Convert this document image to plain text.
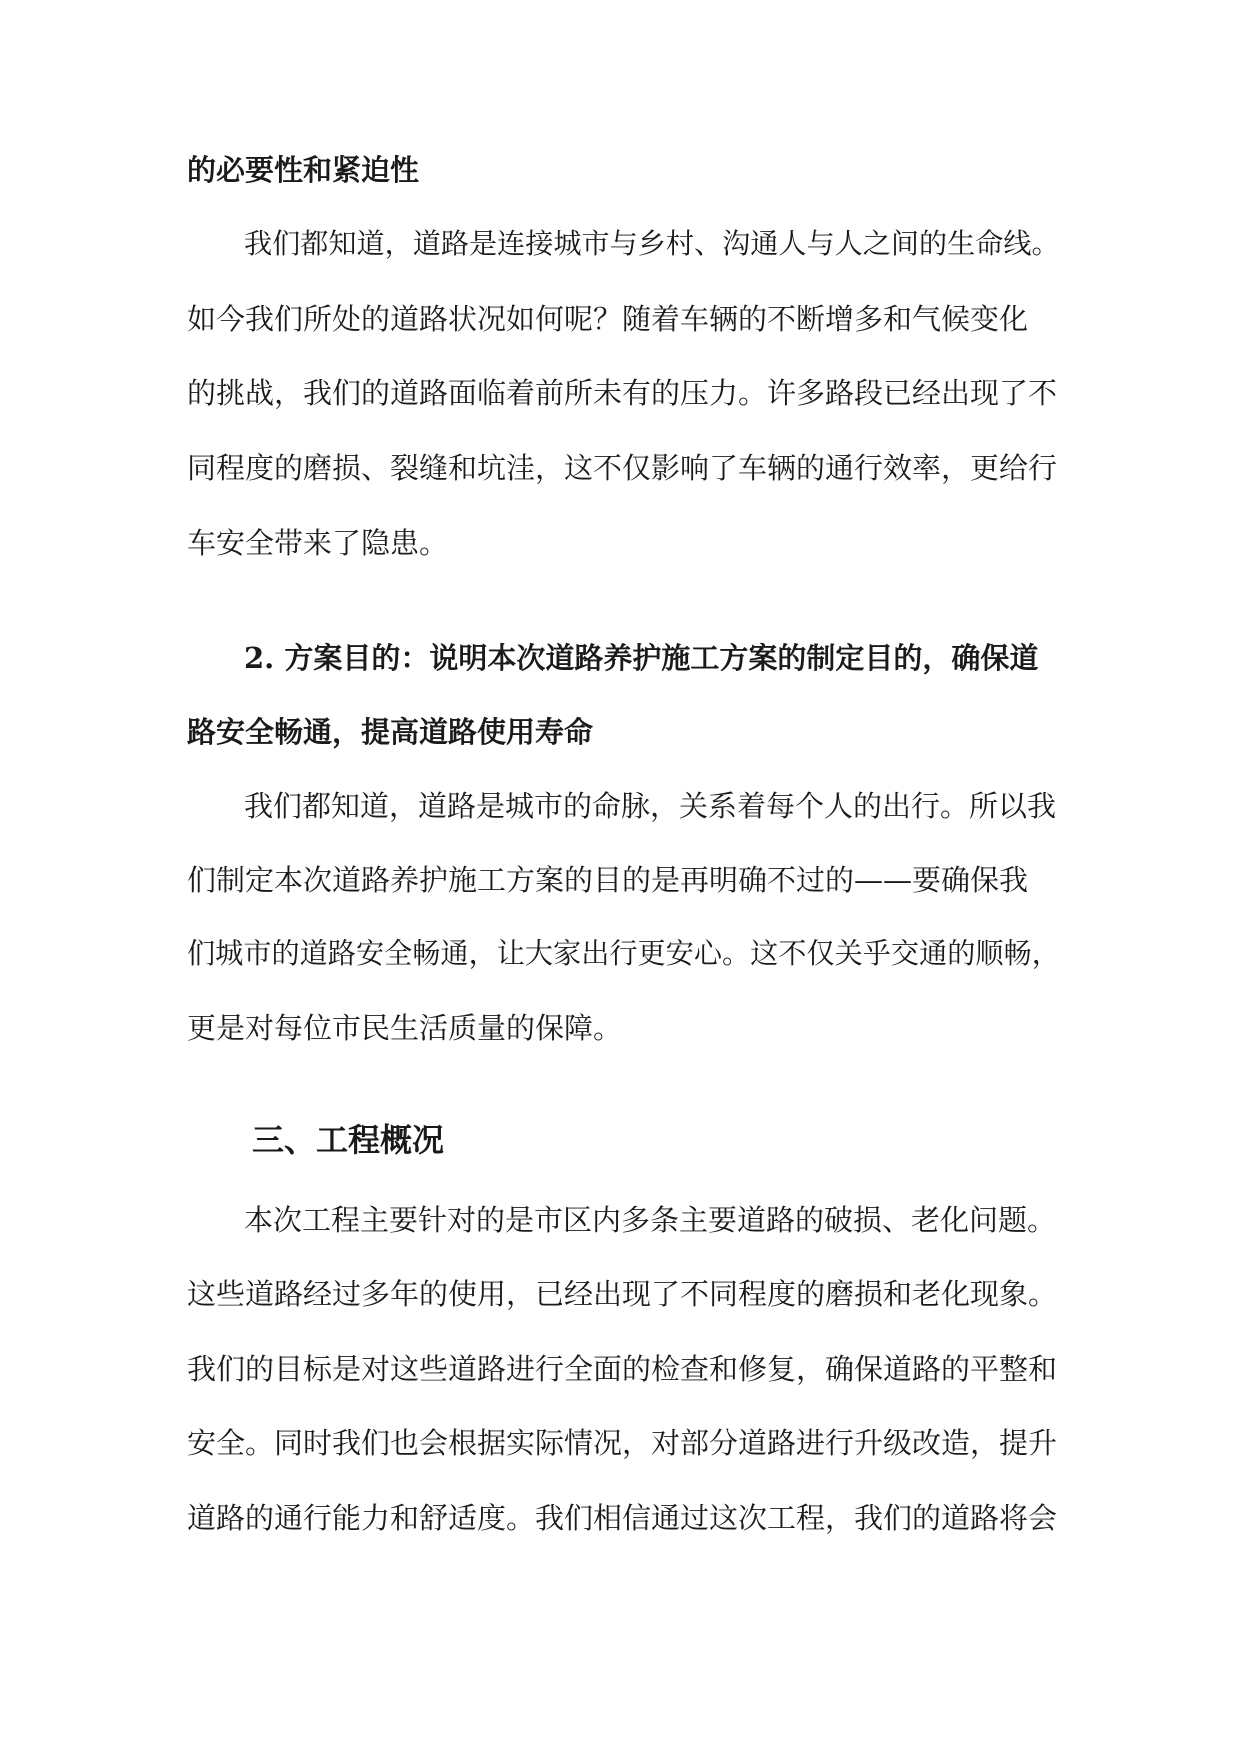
的必要性和紧迫性
我们都知道，道路是连接城市与乡村、沟通人与人之间的生命线。
如今我们所处的道路状况如何呢？随着车辆的不断增多和气候变化
的挑战，我们的道路面临着前所未有的压力。许多路段已经出现了不
同程度的磨损、裂缝和坑洼，这不仅影响了车辆的通行效率，更给行
车安全带来了隐患。
2. 方案目的：说明本次道路养护施工方案的制定目的，确保道
路安全畅通，提高道路使用寿命
我们都知道，道路是城市的命脉，关系着每个人的出行。所以我
们制定本次道路养护施工方案的目的是再明确不过的——要确保我
们城市的道路安全畅通，让大家出行更安心。这不仅关乎交通的顺畅，
更是对每位市民生活质量的保障。
三、工程概况
本次工程主要针对的是市区内多条主要道路的破损、老化问题。
这些道路经过多年的使用，已经出现了不同程度的磨损和老化现象。
我们的目标是对这些道路进行全面的检查和修复，确保道路的平整和
安全。同时我们也会根据实际情况，对部分道路进行升级改造，提升
道路的通行能力和舒适度。我们相信通过这次工程，我们的道路将会
